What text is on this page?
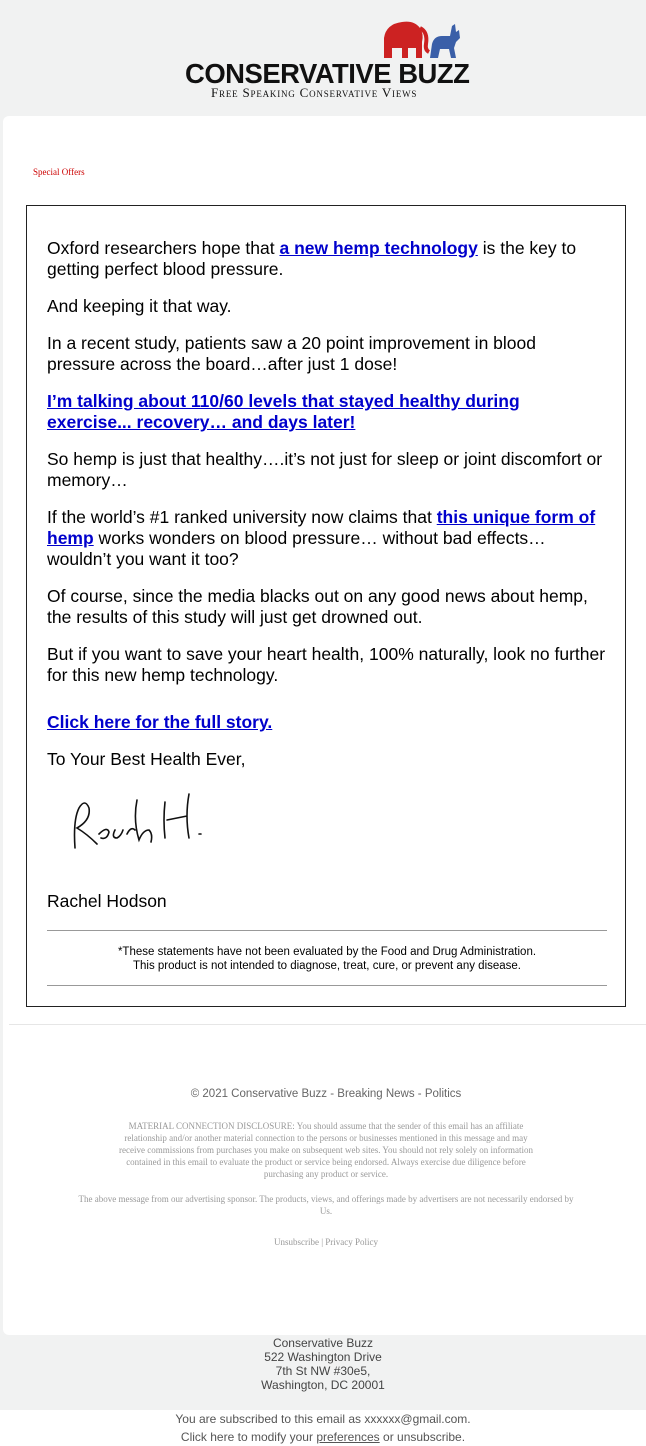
CONSERVATIVE BUZZ
Free Speaking Conservative Views
Special Offers

Oxford researchers hope that a new hemp technology is the key to getting perfect blood pressure.

And keeping it that way.

In a recent study, patients saw a 20 point improvement in blood pressure across the board…after just 1 dose!

I’m talking about 110/60 levels that stayed healthy during exercise... recovery… and days later!

So hemp is just that healthy….it’s not just for sleep or joint discomfort or memory…

If the world’s #1 ranked university now claims that this unique form of hemp works wonders on blood pressure… without bad effects… wouldn’t you want it too?

Of course, since the media blacks out on any good news about hemp, the results of this study will just get drowned out.

But if you want to save your heart health, 100% naturally, look no further for this new hemp technology.

Click here for the full story.

To Your Best Health Ever,

Rachel Hodson

*These statements have not been evaluated by the Food and Drug Administration.
This product is not intended to diagnose, treat, cure, or prevent any disease.
© 2021 Conservative Buzz - Breaking News - Politics
MATERIAL CONNECTION DISCLOSURE: You should assume that the sender of this email has an affiliate relationship and/or another material connection to the persons or businesses mentioned in this message and may receive commissions from purchases you make on subsequent web sites. You should not rely solely on information contained in this email to evaluate the product or service being endorsed. Always exercise due diligence before purchasing any product or service.
The above message from our advertising sponsor. The products, views, and offerings made by advertisers are not necessarily endorsed by Us.
Unsubscribe | Privacy Policy
Conservative Buzz
522 Washington Drive
7th St NW #30e5,
Washington, DC 20001
You are subscribed to this email as xxxxxx@gmail.com.
Click here to modify your preferences or unsubscribe.
